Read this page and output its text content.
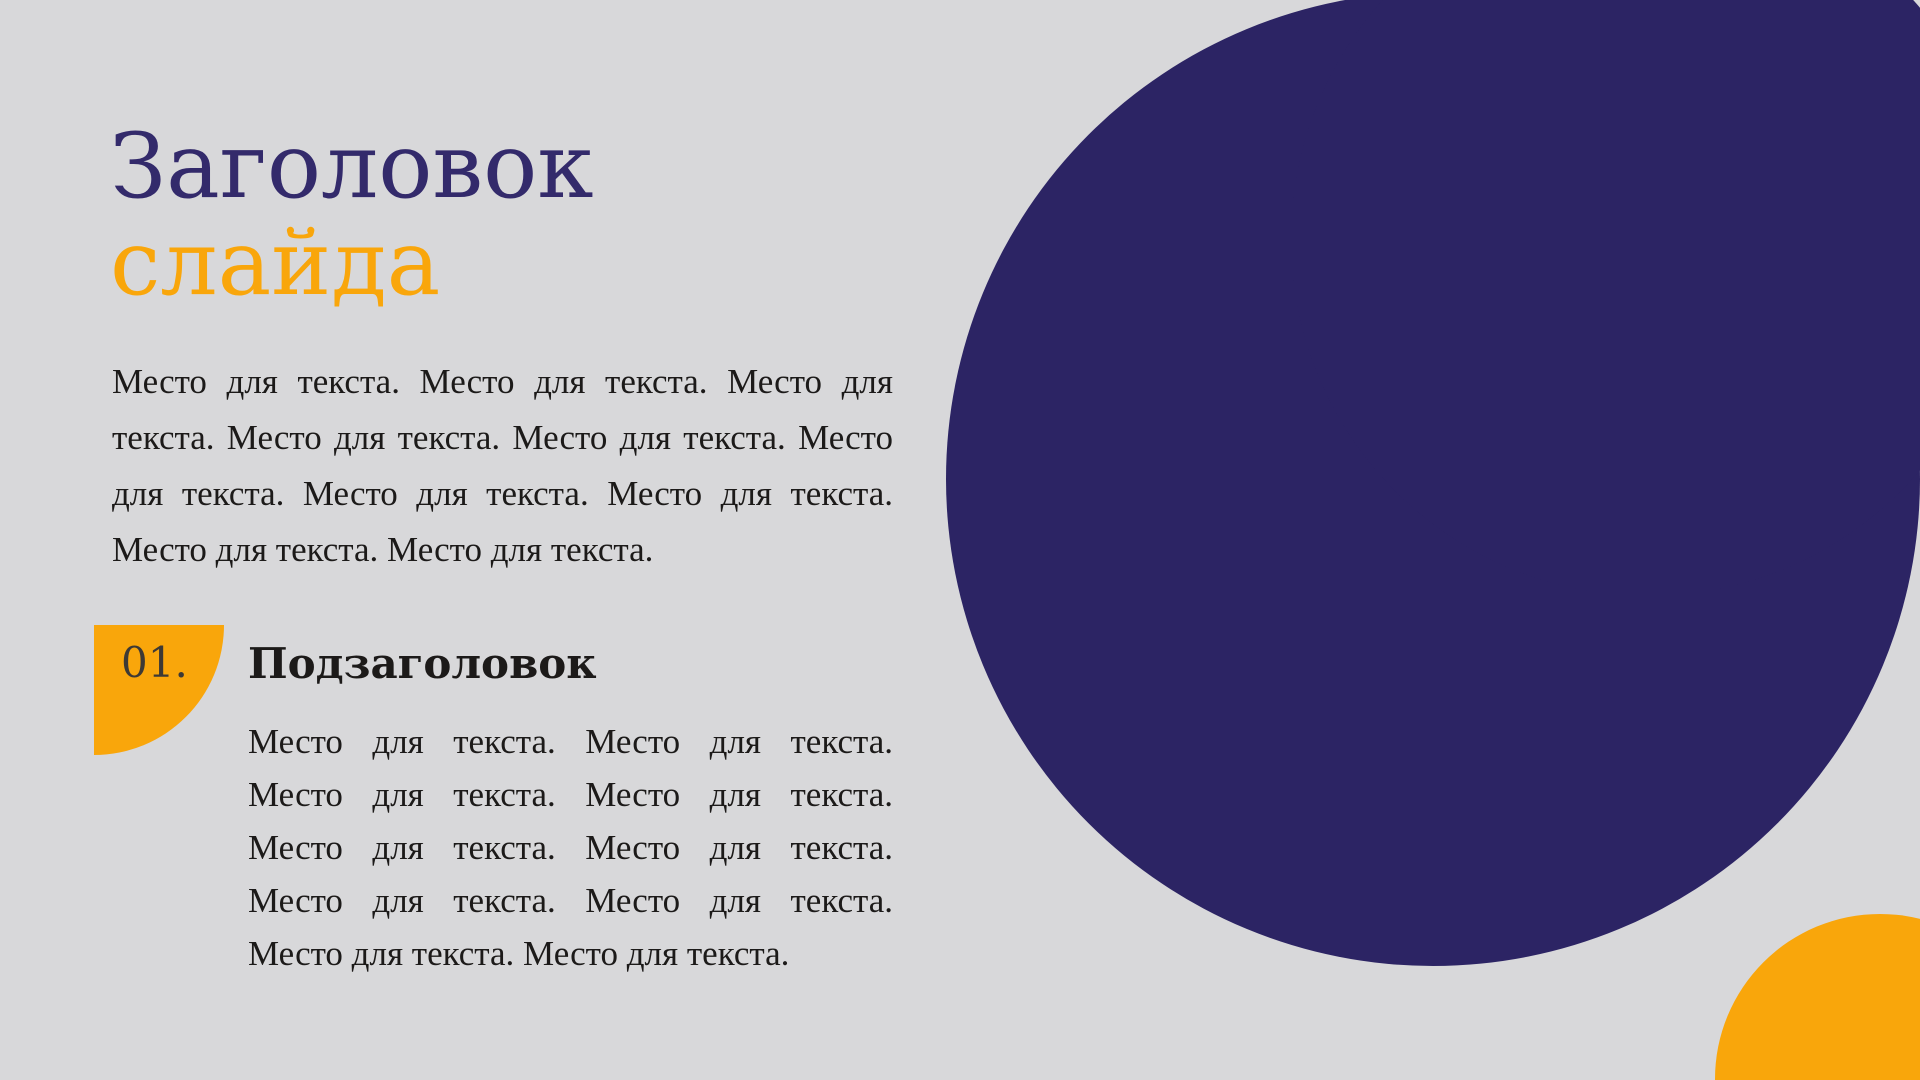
Заголовок
слайда

Место для текста. Место для текста. Место для текста. Место для текста. Место для текста. Место для текста. Место для текста. Место для текста. Место для текста. Место для текста.

01. Подзаголовок

Место для текста. Место для текста. Место для текста. Место для текста. Место для текста. Место для текста. Место для текста. Место для текста. Место для текста. Место для текста.
